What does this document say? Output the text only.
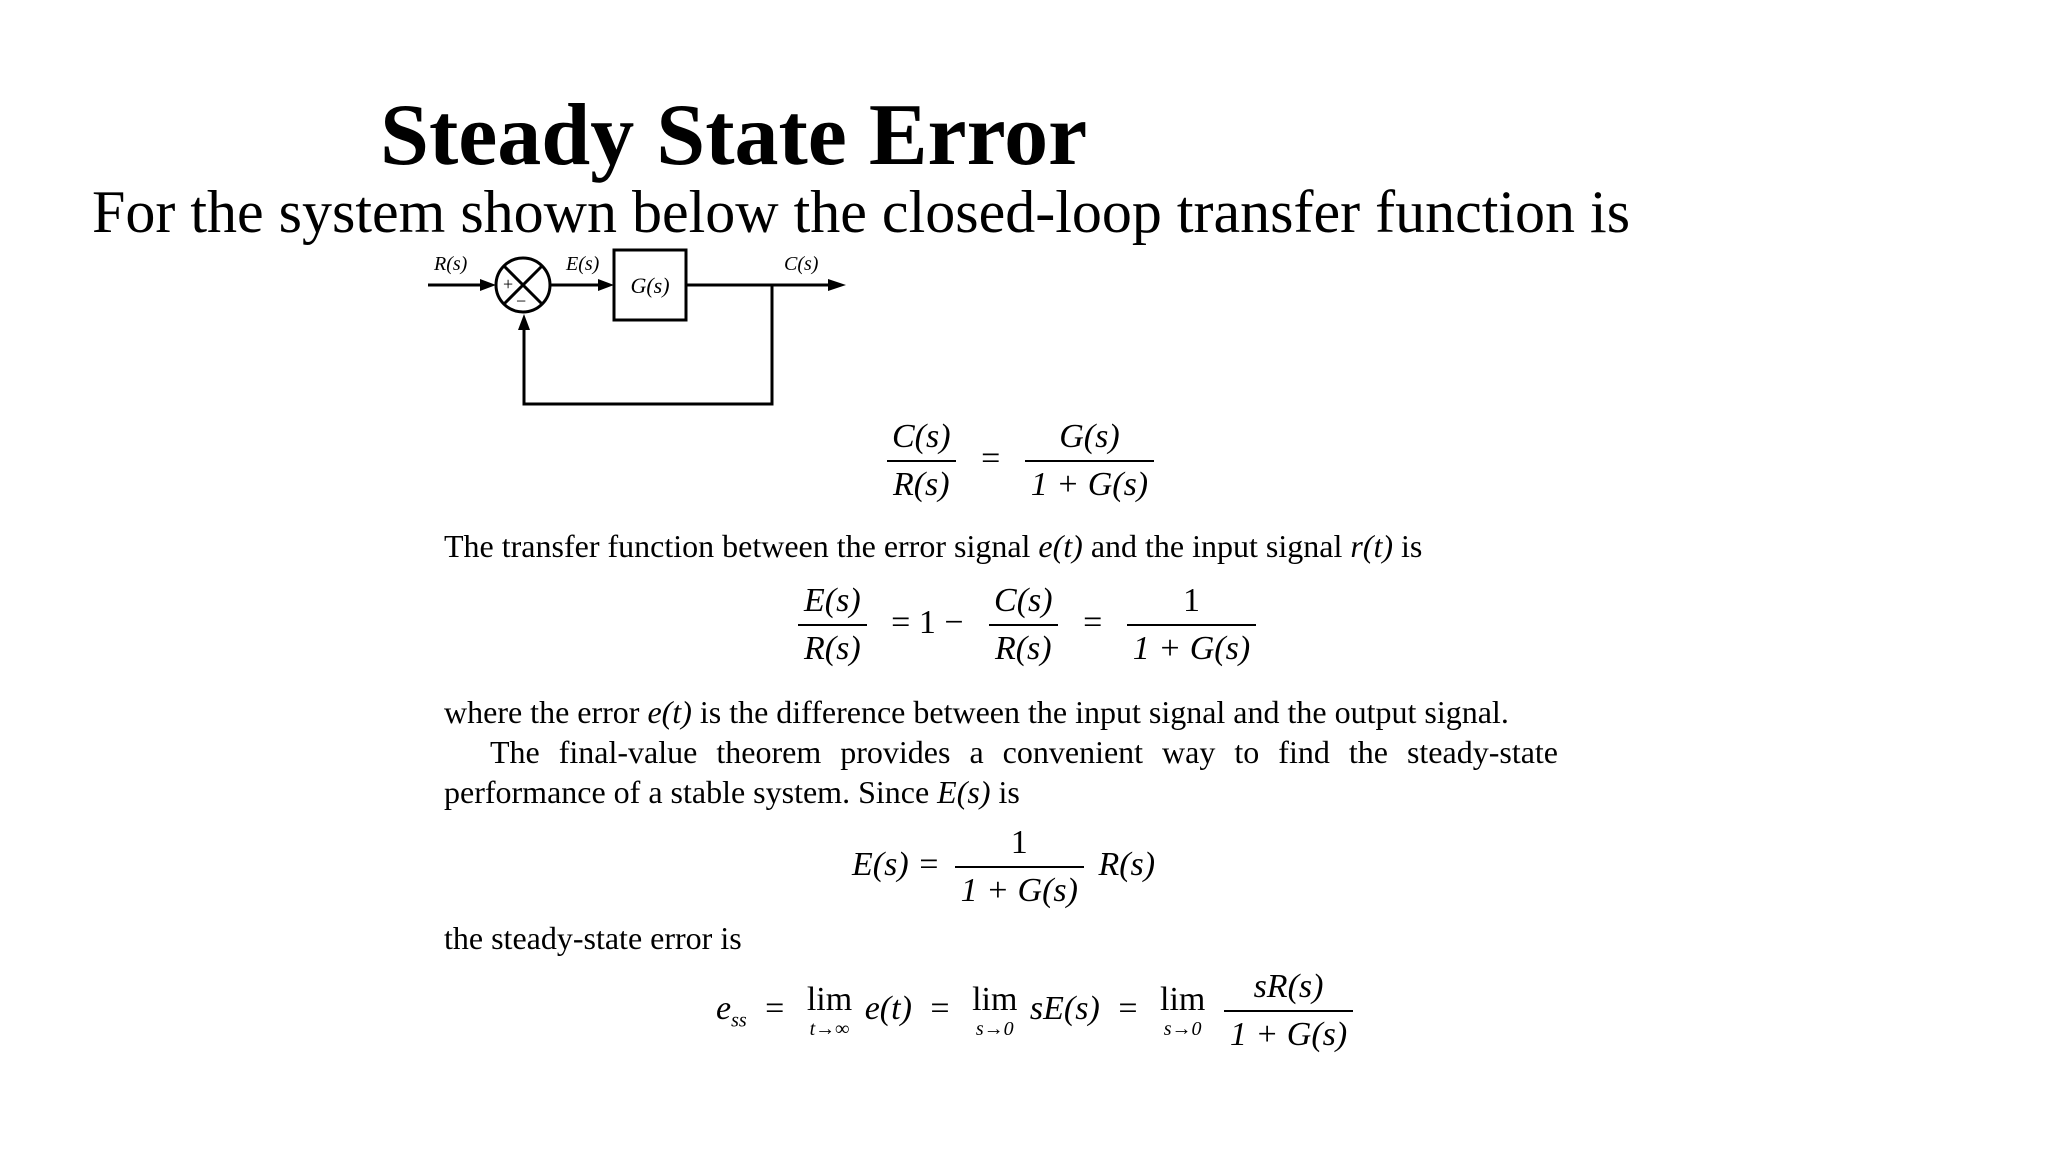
Steady State Error
For the system shown below the closed-loop transfer function is
+
−
G(s)
R(s)	E(s)	C(s)
$\frac{C(s)}{R(s)} = \frac{G(s)}{1 + G(s)}$
The transfer function between the error signal e(t) and the input signal r(t) is
$\frac{E(s)}{R(s)} = 1 - \frac{C(s)}{R(s)} = \frac{1}{1 + G(s)}$
where the error e(t) is the difference between the input signal and the output signal.
The final-value theorem provides a convenient way to find the steady-state
performance of a stable system. Since E(s) is
$E(s) = \frac{1}{1 + G(s)} R(s)$
the steady-state error is
$e_{ss} = \lim$
t→∞
e(t) = lim
s→0
sE(s) = lim
s→0
$\frac{sR(s)}{1 + G(s)}$
